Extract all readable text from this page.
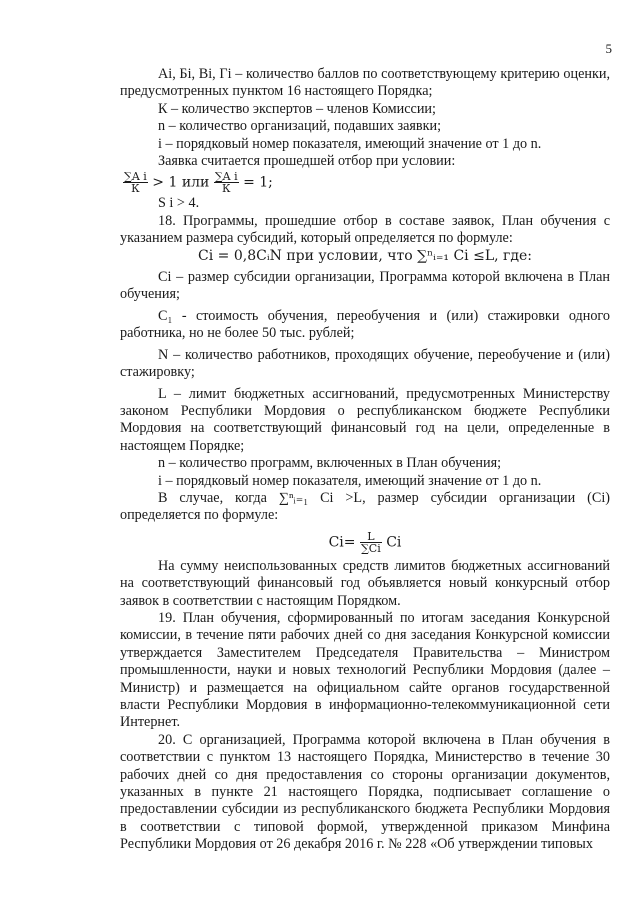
5

Ai, Бi, Вi, Гi – количество баллов по соответствующему критерию оценки, предусмотренных пунктом 16 настоящего Порядка;

К – количество экспертов – членов Комиссии;

n – количество организаций, подавших заявки;

i – порядковый номер показателя, имеющий значение от 1 до n.

Заявка считается прошедшей отбор при условии:

$\frac{\text{∑A i}}{К} > 1$ или $\frac{\text{∑A i}}{К} = 1$;

S i > 4.

18. Программы, прошедшие отбор в составе заявок, План обучения с указанием размера субсидий, который определяется по формуле:

Ci = 0,8CᵢN при условии, что ∑ⁿᵢ₌₁ Ci ≤L, где:

Ci – размер субсидии организации, Программа которой включена в План обучения;

C₁ - стоимость обучения, переобучения и (или) стажировки одного работника, но не более 50 тыс. рублей;

N – количество работников, проходящих обучение, переобучение и (или) стажировку;

L – лимит бюджетных ассигнований, предусмотренных Министерству законом Республики Мордовия о республиканском бюджете Республики Мордовия на соответствующий финансовый год на цели, определенные в настоящем Порядке;

n – количество программ, включенных в План обучения;

i – порядковый номер показателя, имеющий значение от 1 до n.

В случае, когда ∑ⁿᵢ₌₁ Ci >L, размер субсидии организации (Ci) определяется по формуле:

$Ci= \frac{L}{\sum Ci}$ Ci

На сумму неиспользованных средств лимитов бюджетных ассигнований на соответствующий финансовый год объявляется новый конкурсный отбор заявок в соответствии с настоящим Порядком.

19. План обучения, сформированный по итогам заседания Конкурсной комиссии, в течение пяти рабочих дней со дня заседания Конкурсной комиссии утверждается Заместителем Председателя Правительства – Министром промышленности, науки и новых технологий Республики Мордовия (далее – Министр) и размещается на официальном сайте органов государственной власти Республики Мордовия в информационно-телекоммуникационной сети Интернет.

20. С организацией, Программа которой включена в План обучения в соответствии с пунктом 13 настоящего Порядка, Министерство в течение 30 рабочих дней со дня предоставления со стороны организации документов, указанных в пункте 21 настоящего Порядка, подписывает соглашение о предоставлении субсидии из республиканского бюджета Республики Мордовия в соответствии с типовой формой, утвержденной приказом Минфина Республики Мордовия от 26 декабря 2016 г. № 228 «Об утверждении типовых
